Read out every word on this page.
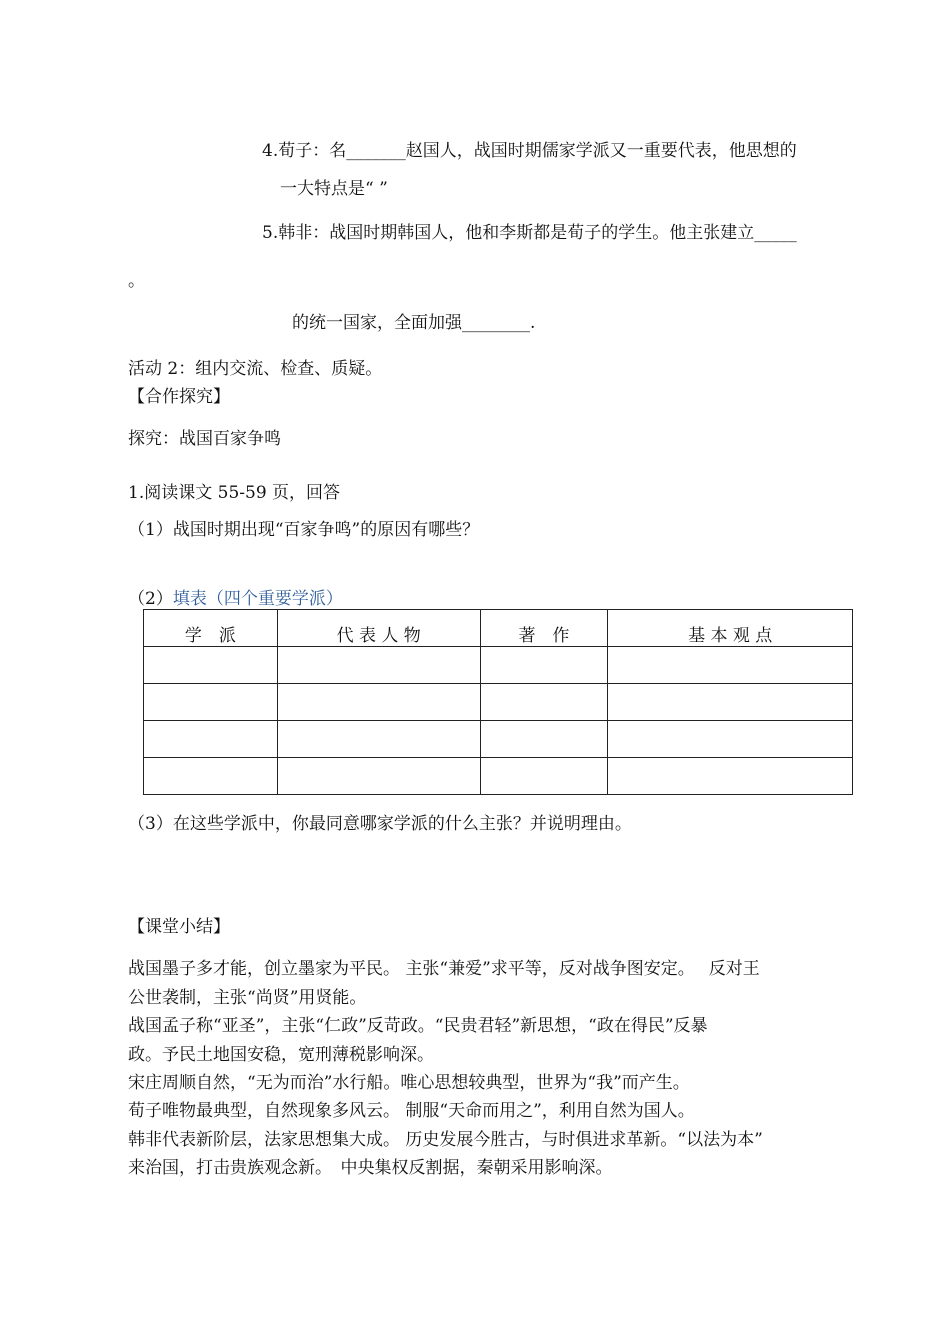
4.荀子：名_______赵国人，战国时期儒家学派又一重要代表，他思想的
一大特点是“ ”
5.韩非：战国时期韩国人，他和李斯都是荀子的学生。他主张建立_____
。
的统一国家，全面加强________.
活动 2：组内交流、检查、质疑。
【合作探究】
探究：战国百家争鸣
1.阅读课文 55-59 页，回答
（1）战国时期出现“百家争鸣”的原因有哪些？
（2）填表（四个重要学派）
学　派	代 表 人 物	著　作	基 本 观 点

（3）在这些学派中，你最同意哪家学派的什么主张？并说明理由。
【课堂小结】
战国墨子多才能，创立墨家为平民。 主张“兼爱”求平等，反对战争图安定。　 反对王
公世袭制，主张“尚贤”用贤能。
战国孟子称“亚圣”，主张“仁政”反苛政。“民贵君轻”新思想，“政在得民”反暴
政。予民土地国安稳，宽刑薄税影响深。
宋庄周顺自然，“无为而治”水行船。唯心思想较典型，世界为“我”而产生。
荀子唯物最典型，自然现象多风云。 制服“天命而用之”，利用自然为国人。
韩非代表新阶层，法家思想集大成。 历史发展今胜古，与时俱进求革新。“以法为本”
来治国，打击贵族观念新。　中央集权反割据，秦朝采用影响深。
